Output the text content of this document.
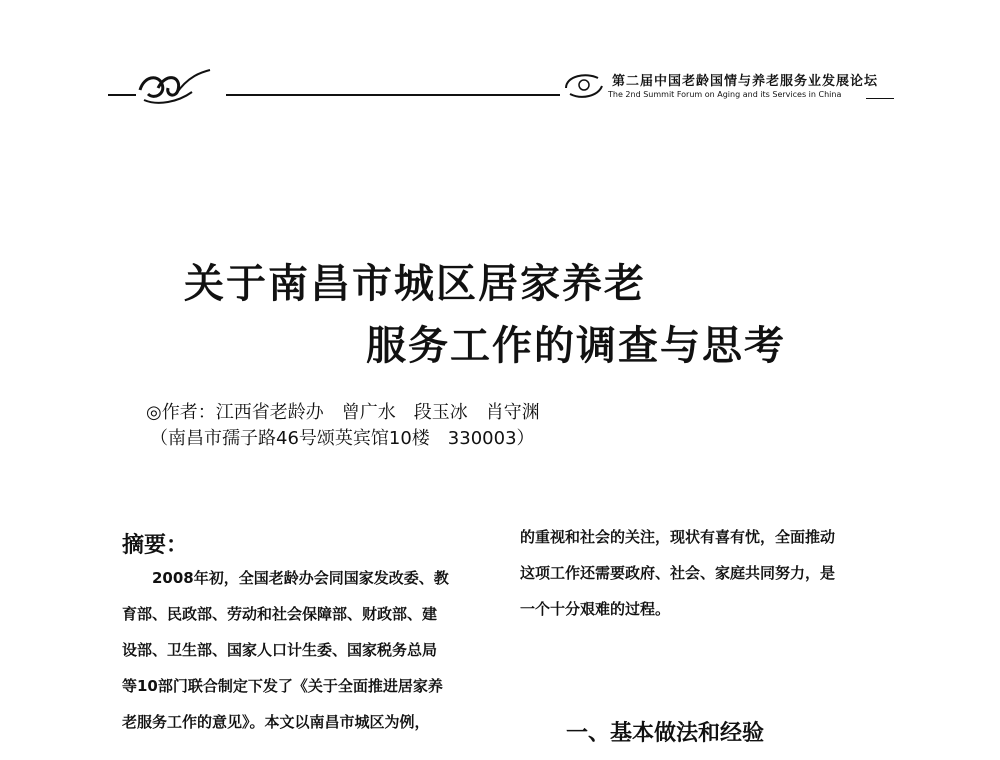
第二届中国老龄国情与养老服务业发展论坛
The 2nd Summit Forum on Aging and its Services in China
关于南昌市城区居家养老
服务工作的调查与思考
◎作者：江西省老龄办　曾广水　段玉冰　肖守渊
（南昌市孺子路46号颂英宾馆10楼　330003）
摘要：

　　2008年初，全国老龄办会同国家发改委、教

育部、民政部、劳动和社会保障部、财政部、建

设部、卫生部、国家人口计生委、国家税务总局

等10部门联合制定下发了《关于全面推进居家养

老服务工作的意见》。本文以南昌市城区为例，

的重视和社会的关注，现状有喜有忧，全面推动

这项工作还需要政府、社会、家庭共同努力，是

一个十分艰难的过程。

一、基本做法和经验
